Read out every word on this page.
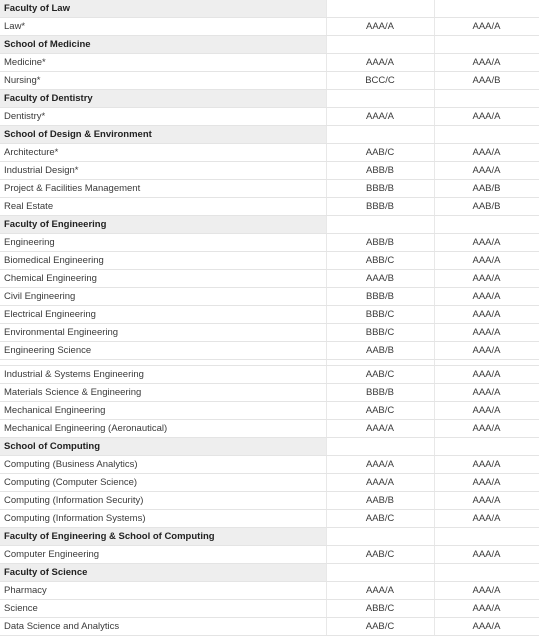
Faculty of Law		
Law*	AAA/A	AAA/A
School of Medicine		
Medicine*	AAA/A	AAA/A
Nursing*	BCC/C	AAA/B
Faculty of Dentistry		
Dentistry*	AAA/A	AAA/A
School of Design & Environment		
Architecture*	AAB/C	AAA/A
Industrial Design*	ABB/B	AAA/A
Project & Facilities Management	BBB/B	AAB/B
Real Estate	BBB/B	AAB/B
Faculty of Engineering		
Engineering	ABB/B	AAA/A
Biomedical Engineering	ABB/C	AAA/A
Chemical Engineering	AAA/B	AAA/A
Civil Engineering	BBB/B	AAA/A
Electrical Engineering	BBB/C	AAA/A
Environmental Engineering	BBB/C	AAA/A
Engineering Science	AAB/B	AAA/A

Industrial & Systems Engineering	AAB/C	AAA/A
Materials Science & Engineering	BBB/B	AAA/A
Mechanical Engineering	AAB/C	AAA/A
Mechanical Engineering (Aeronautical)	AAA/A	AAA/A
School of Computing		
Computing (Business Analytics)	AAA/A	AAA/A
Computing (Computer Science)	AAA/A	AAA/A
Computing (Information Security)	AAB/B	AAA/A
Computing (Information Systems)	AAB/C	AAA/A
Faculty of Engineering & School of Computing		
Computer Engineering	AAB/C	AAA/A
Faculty of Science		
Pharmacy	AAA/A	AAA/A
Science	ABB/C	AAA/A
Data Science and Analytics	AAB/C	AAA/A
